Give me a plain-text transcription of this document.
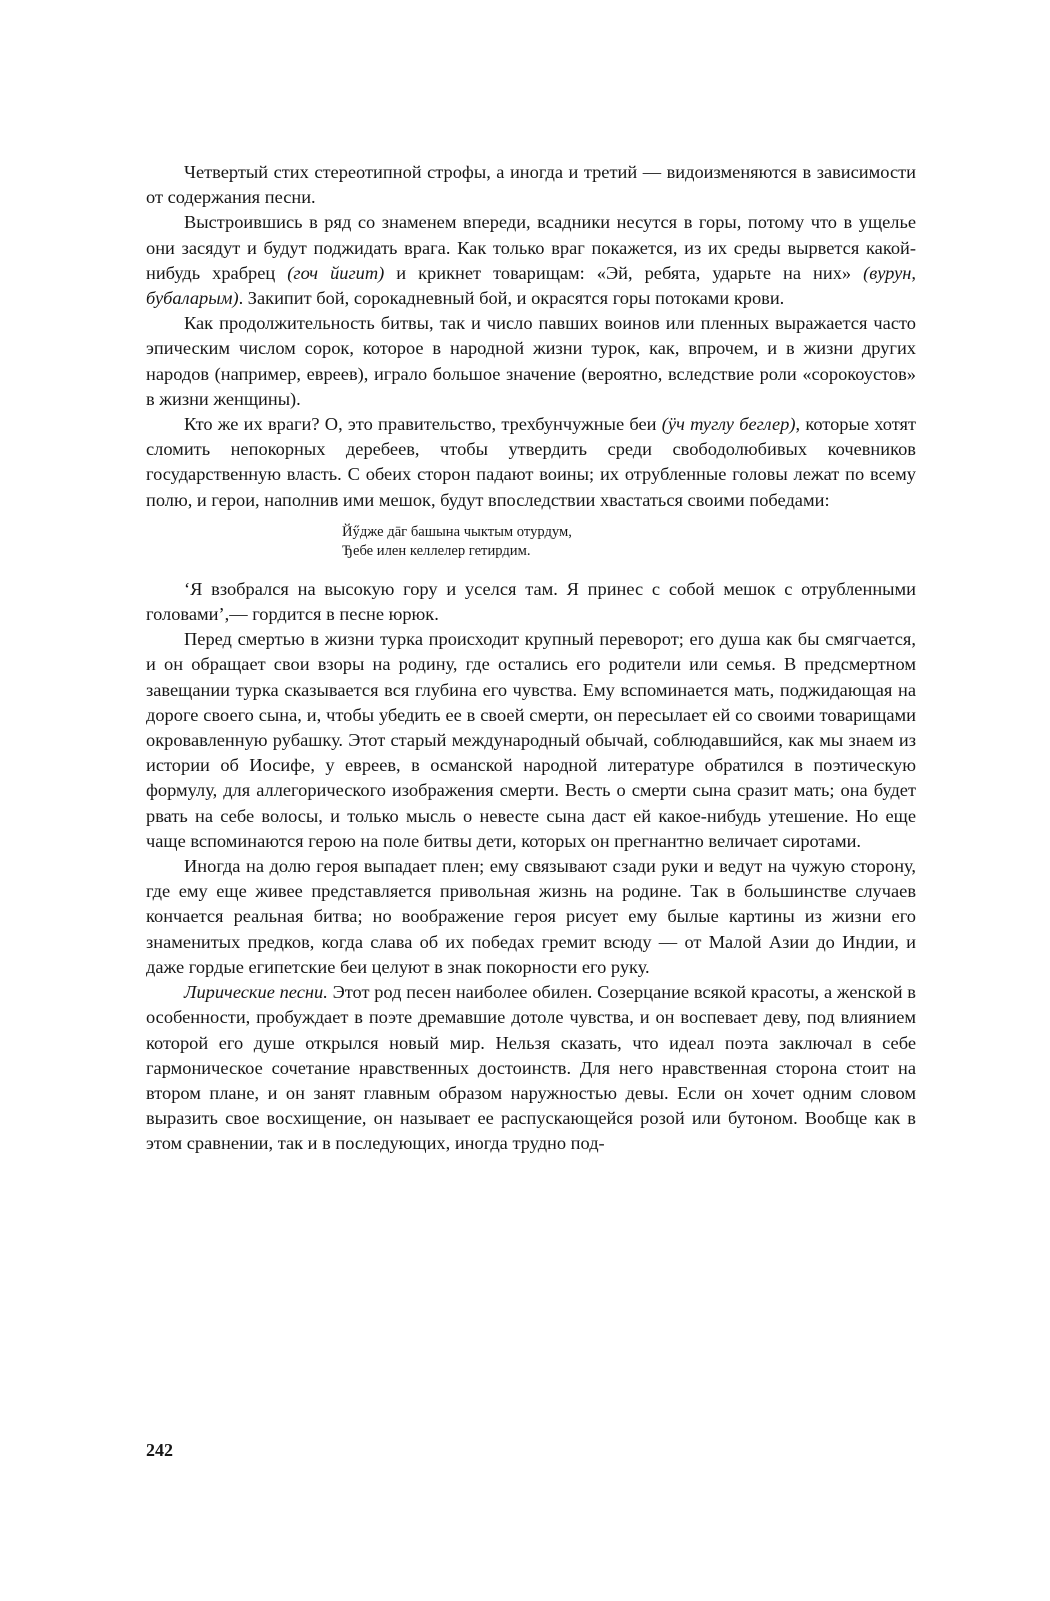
Четвертый стих стереотипной строфы, а иногда и третий — видоизменяются в зависимости от содержания песни.

Выстроившись в ряд со знаменем впереди, всадники несутся в горы, потому что в ущелье они засядут и будут поджидать врага. Как только враг покажется, из их среды вырвется какой-нибудь храбрец (гоч йигит) и крикнет товарищам: «Эй, ребята, ударьте на них» (вурун, бубаларым). Закипит бой, сорокадневный бой, и окрасятся горы потоками крови.

Как продолжительность битвы, так и число павших воинов или пленных выражается часто эпическим числом сорок, которое в народной жизни турок, как, впрочем, и в жизни других народов (например, евреев), играло большое значение (вероятно, вследствие роли «сорокоустов» в жизни женщины).

Кто же их враги? О, это правительство, трехбунчужные беи (ӱч туглу беглер), которые хотят сломить непокорных деребеев, чтобы утвердить среди свободолюбивых кочевников государственную власть. С обеих сторон падают воины; их отрубленные головы лежат по всему полю, и герои, наполнив ими мешок, будут впоследствии хвастаться своими победами:

Йӳдже дāг башына чыктым отурдум,
Ђебе илен келлелер гетирдим.

‘Я взобрался на высокую гору и уселся там. Я принес с собой мешок с отрубленными головами’,— гордится в песне юрюк.

Перед смертью в жизни турка происходит крупный переворот; его душа как бы смягчается, и он обращает свои взоры на родину, где остались его родители или семья. В предсмертном завещании турка сказывается вся глубина его чувства. Ему вспоминается мать, поджидающая на дороге своего сына, и, чтобы убедить ее в своей смерти, он пересылает ей со своими товарищами окровавленную рубашку. Этот старый международный обычай, соблюдавшийся, как мы знаем из истории об Иосифе, у евреев, в османской народной литературе обратился в поэтическую формулу, для аллегорического изображения смерти. Весть о смерти сына сразит мать; она будет рвать на себе волосы, и только мысль о невесте сына даст ей какое-нибудь утешение. Но еще чаще вспоминаются герою на поле битвы дети, которых он прегнантно величает сиротами.

Иногда на долю героя выпадает плен; ему связывают сзади руки и ведут на чужую сторону, где ему еще живее представляется привольная жизнь на родине. Так в большинстве случаев кончается реальная битва; но воображение героя рисует ему былые картины из жизни его знаменитых предков, когда слава об их победах гремит всюду — от Малой Азии до Индии, и даже гордые египетские беи целуют в знак покорности его руку.

Лирические песни. Этот род песен наиболее обилен. Созерцание всякой красоты, а женской в особенности, пробуждает в поэте дремавшие дотоле чувства, и он воспевает деву, под влиянием которой его душе открылся новый мир. Нельзя сказать, что идеал поэта заключал в себе гармоническое сочетание нравственных достоинств. Для него нравственная сторона стоит на втором плане, и он занят главным образом наружностью девы. Если он хочет одним словом выразить свое восхищение, он называет ее распускающейся розой или бутоном. Вообще как в этом сравнении, так и в последующих, иногда трудно под-

242
